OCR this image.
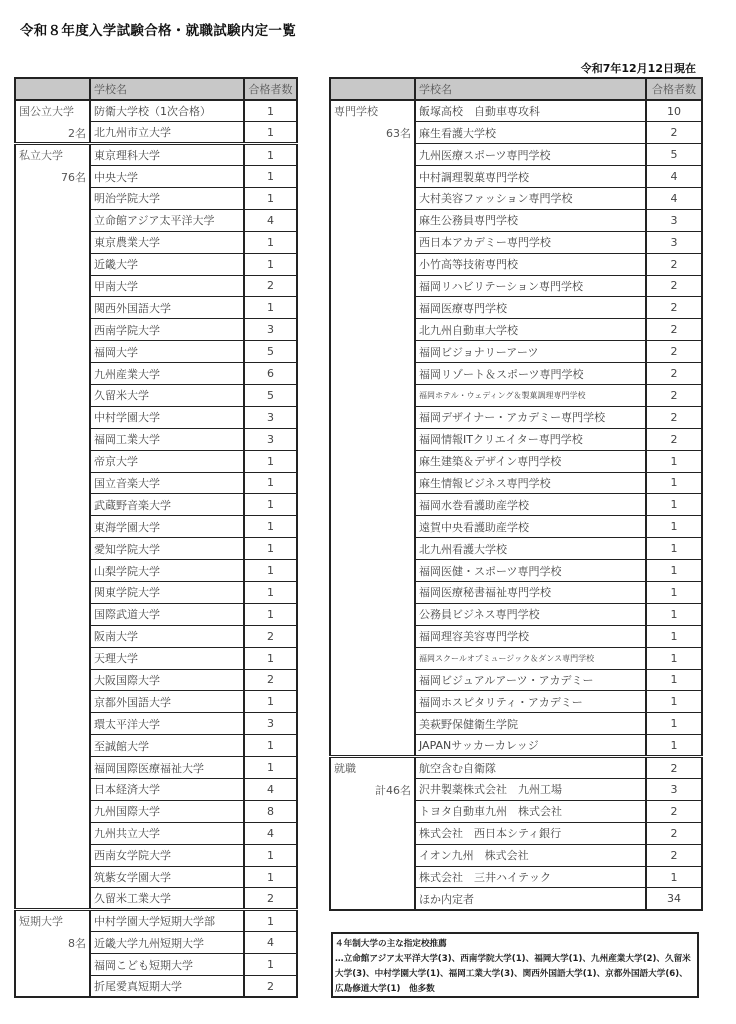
令和８年度入学試験合格・就職試験内定一覧
令和7年12月12日現在
	学校名	合格者数

国公立大学
2名	防衛大学校（1次合格）	1
	北九州市立大学	1

私立大学
76名	東京理科大学	1
	中央大学	1
	明治学院大学	1
	立命館アジア太平洋大学	4
	東京農業大学	1
	近畿大学	1
	甲南大学	2
	関西外国語大学	1
	西南学院大学	3
	福岡大学	5
	九州産業大学	6
	久留米大学	5
	中村学園大学	3
	福岡工業大学	3
	帝京大学	1
	国立音楽大学	1
	武蔵野音楽大学	1
	東海学園大学	1
	愛知学院大学	1
	山梨学院大学	1
	関東学院大学	1
	国際武道大学	1
	阪南大学	2
	天理大学	1
	大阪国際大学	2
	京都外国語大学	1
	環太平洋大学	3
	至誠館大学	1
	福岡国際医療福祉大学	1
	日本経済大学	4
	九州国際大学	8
	九州共立大学	4
	西南女学院大学	1
	筑紫女学園大学	1
	久留米工業大学	2

短期大学
8名	中村学園大学短期大学部	1
	近畿大学九州短期大学	4
	福岡こども短期大学	1
	折尾愛真短期大学	2
	学校名	合格者数

専門学校
63名	飯塚高校　自動車専攻科	10
	麻生看護大学校	2
	九州医療スポーツ専門学校	5
	中村調理製菓専門学校	4
	大村美容ファッション専門学校	4
	麻生公務員専門学校	3
	西日本アカデミー専門学校	3
	小竹高等技術専門校	2
	福岡リハビリテーション専門学校	2
	福岡医療専門学校	2
	北九州自動車大学校	2
	福岡ビジョナリーアーツ	2
	福岡リゾート＆スポーツ専門学校	2
	福岡ホテル・ウェディング＆製菓調理専門学校	2
	福岡デザイナー・アカデミー専門学校	2
	福岡情報ITクリエイター専門学校	2
	麻生建築＆デザイン専門学校	1
	麻生情報ビジネス専門学校	1
	福岡水巻看護助産学校	1
	遠賀中央看護助産学校	1
	北九州看護大学校	1
	福岡医健・スポーツ専門学校	1
	福岡医療秘書福祉専門学校	1
	公務員ビジネス専門学校	1
	福岡理容美容専門学校	1
	福岡スクールオブミュージック＆ダンス専門学校	1
	福岡ビジュアルアーツ・アカデミー	1
	福岡ホスピタリティ・アカデミー	1
	美萩野保健衛生学院	1
	JAPANサッカーカレッジ	1

就職
計46名	航空含む自衛隊	2
	沢井製薬株式会社　九州工場	3
	トヨタ自動車九州　株式会社	2
	株式会社　西日本シティ銀行	2
	イオン九州　株式会社	2
	株式会社　三井ハイテック	1
	ほか内定者	34
４年制大学の主な指定校推薦
…立命館アジア太平洋大学(3)、西南学院大学(1)、福岡大学(1)、九州産業大学(2)、久留米大学(3)、中村学園大学(1)、福岡工業大学(3)、関西外国語大学(1)、京都外国語大学(6)、広島修道大学(1)　他多数
